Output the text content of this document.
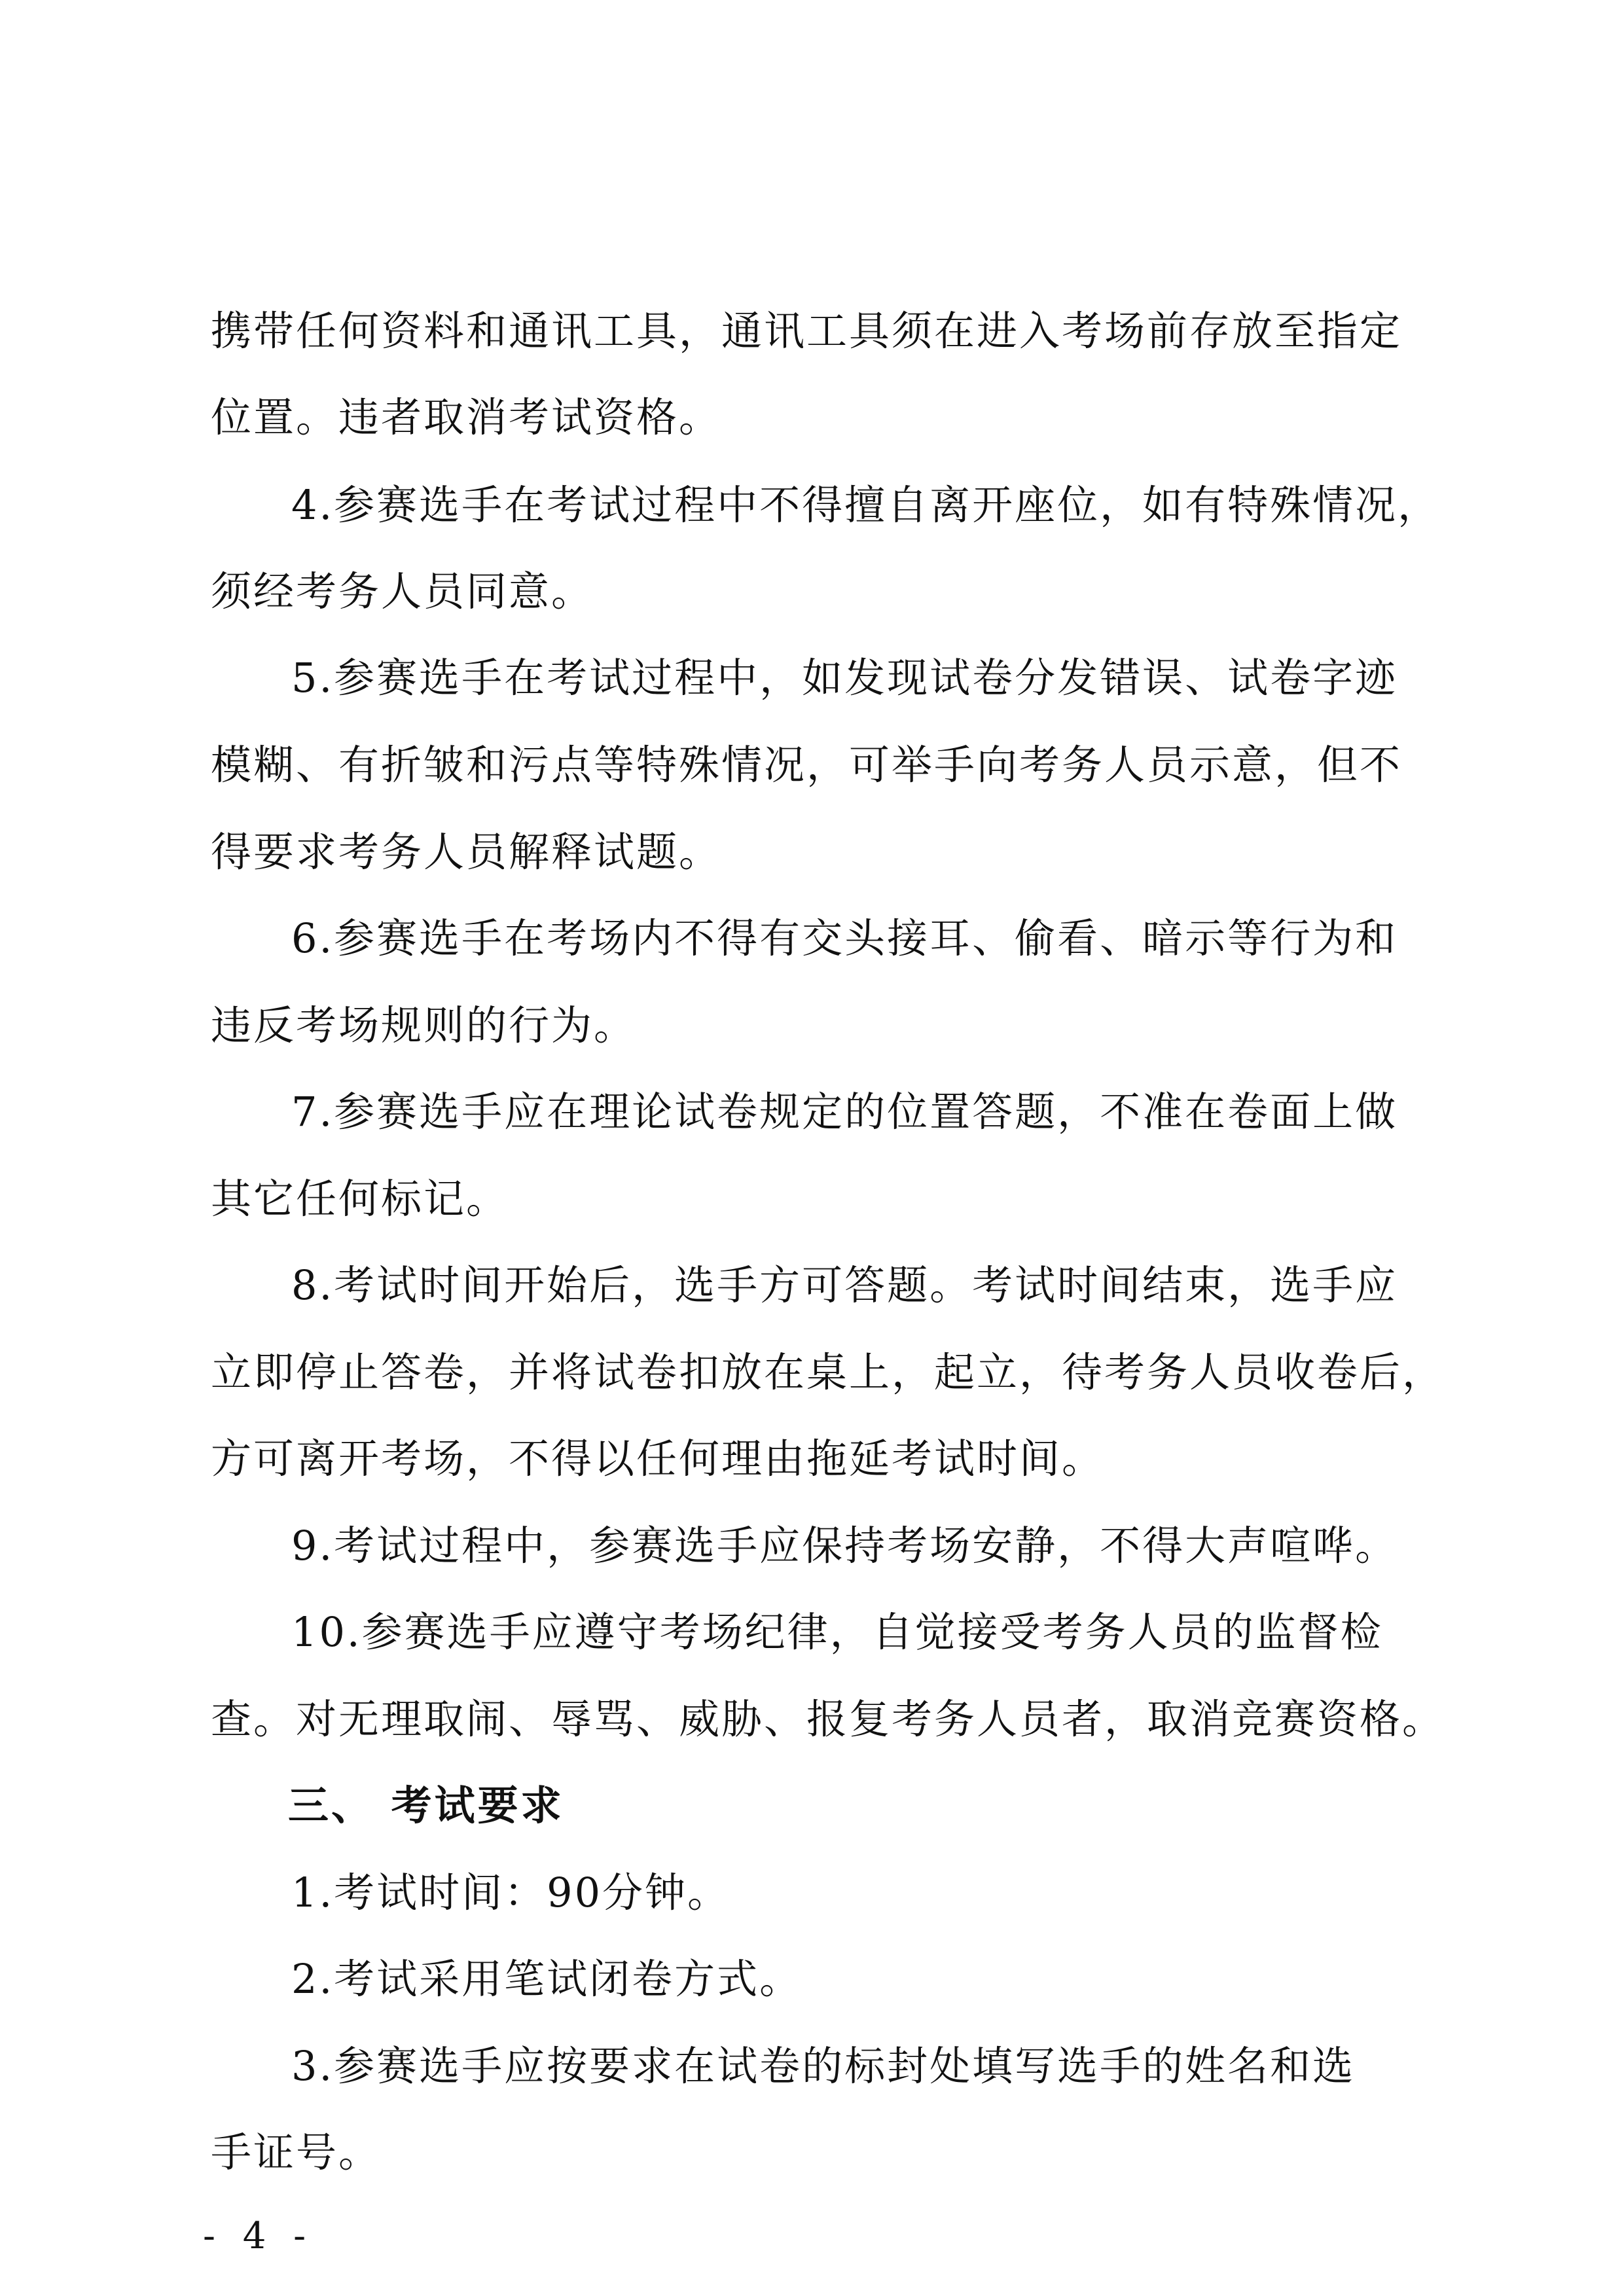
携带任何资料和通讯工具，通讯工具须在进入考场前存放至指定
位置。违者取消考试资格。
4.参赛选手在考试过程中不得擅自离开座位，如有特殊情况，
须经考务人员同意。
5.参赛选手在考试过程中，如发现试卷分发错误、试卷字迹
模糊、有折皱和污点等特殊情况，可举手向考务人员示意，但不
得要求考务人员解释试题。
6.参赛选手在考场内不得有交头接耳、偷看、暗示等行为和
违反考场规则的行为。
7.参赛选手应在理论试卷规定的位置答题，不准在卷面上做
其它任何标记。
8.考试时间开始后，选手方可答题。考试时间结束，选手应
立即停止答卷，并将试卷扣放在桌上，起立，待考务人员收卷后，
方可离开考场，不得以任何理由拖延考试时间。
9.考试过程中，参赛选手应保持考场安静，不得大声喧哗。
10.参赛选手应遵守考场纪律，自觉接受考务人员的监督检
查。对无理取闹、辱骂、威胁、报复考务人员者，取消竞赛资格。
三、 考试要求
1.考试时间：90分钟。
2.考试采用笔试闭卷方式。
3.参赛选手应按要求在试卷的标封处填写选手的姓名和选
手证号。
- 4 -
